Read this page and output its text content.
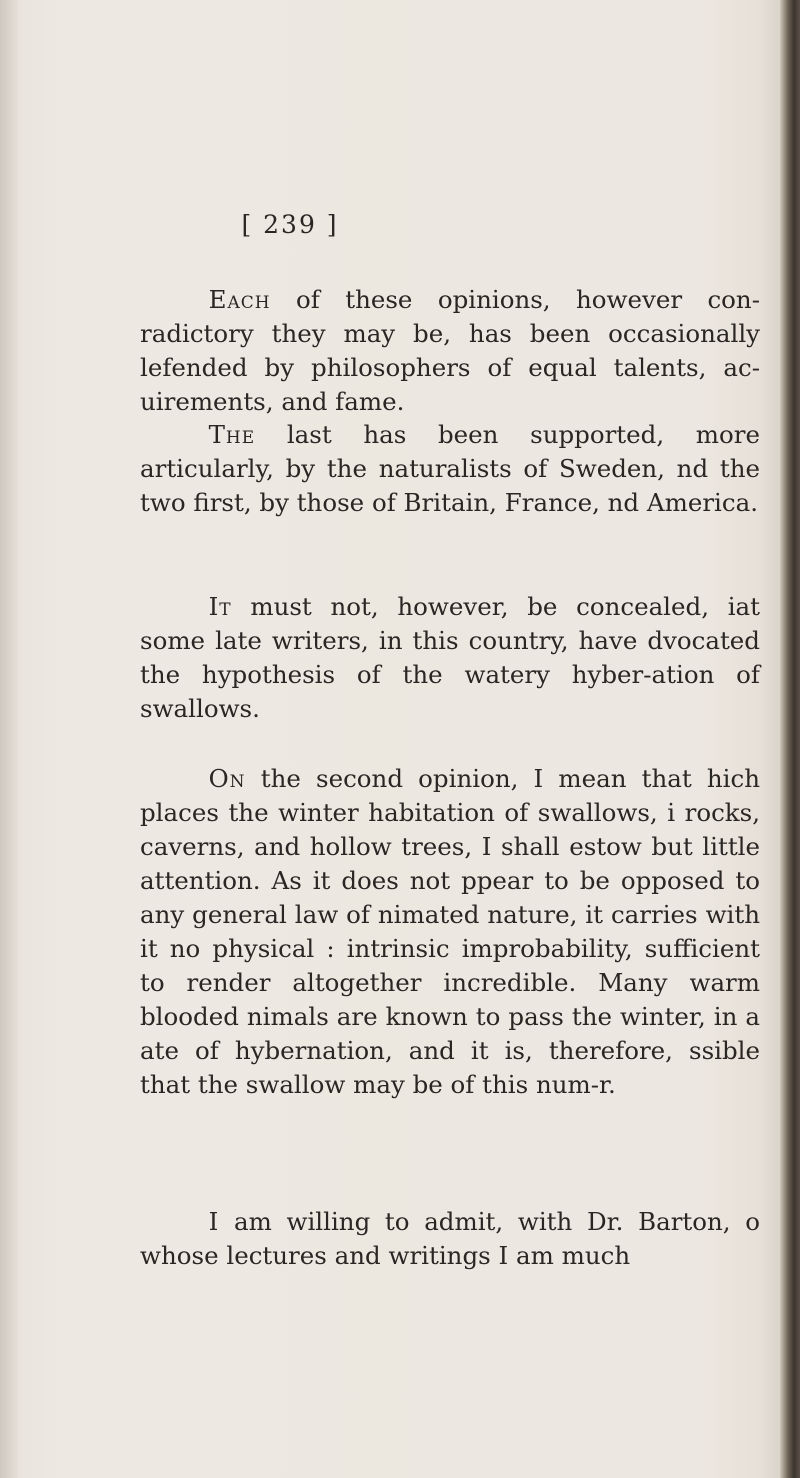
[ 239 ]

Each of these opinions, however con-radictory they may be, has been occasionally lefended by philosophers of equal talents, ac-uirements, and fame.

The last has been supported, more articularly, by the naturalists of Sweden, nd the two first, by those of Britain, France, nd America.

It must not, however, be concealed, iat some late writers, in this country, have dvocated the hypothesis of the watery hyber-ation of swallows.

On the second opinion, I mean that hich places the winter habitation of swallows, i rocks, caverns, and hollow trees, I shall estow but little attention. As it does not ppear to be opposed to any general law of nimated nature, it carries with it no physical : intrinsic improbability, sufficient to render altogether incredible. Many warm blooded nimals are known to pass the winter, in a ate of hybernation, and it is, therefore, ssible that the swallow may be of this num-r.

I am willing to admit, with Dr. Barton, o whose lectures and writings I am much
